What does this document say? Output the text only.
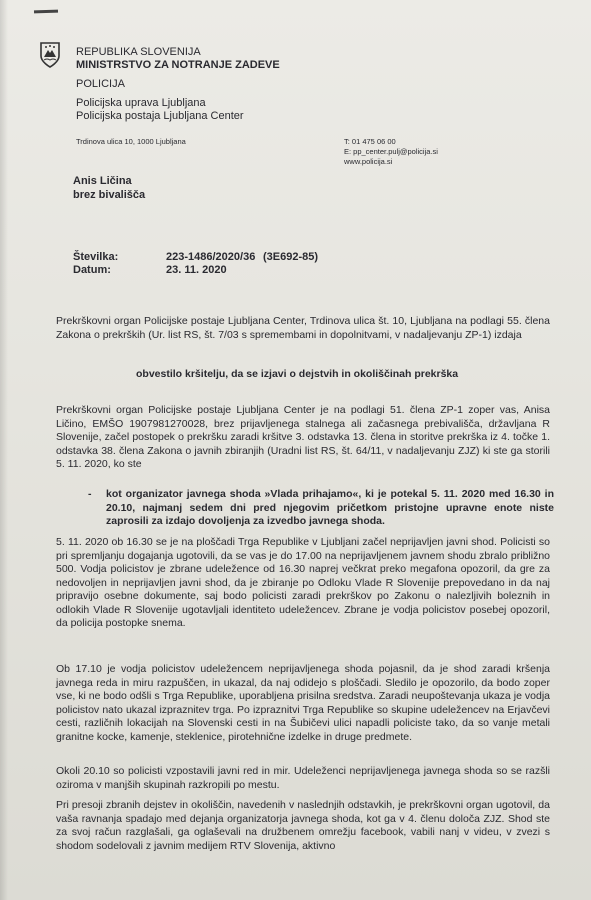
REPUBLIKA SLOVENIJA
MINISTRSTVO ZA NOTRANJE ZADEVE
POLICIJA
Policijska uprava Ljubljana
Policijska postaja Ljubljana Center
Trdinova ulica 10, 1000 Ljubljana	T: 01 475 06 00
E: pp_center.pulj@policija.si
www.policija.si
Anis Ličina
brez bivališča
Številka:	223-1486/2020/36 (3E692-85)
Datum:	23. 11. 2020
Prekrškovni organ Policijske postaje Ljubljana Center, Trdinova ulica št. 10, Ljubljana na podlagi 55. člena Zakona o prekrških (Ur. list RS, št. 7/03 s spremembami in dopolnitvami, v nadaljevanju ZP-1) izdaja
obvestilo kršitelju, da se izjavi o dejstvih in okoliščinah prekrška
Prekrškovni organ Policijske postaje Ljubljana Center je na podlagi 51. člena ZP-1 zoper vas, Anisa Ličino, EMŠO 1907981270028, brez prijavljenega stalnega ali začasnega prebivališča, državljana R Slovenije, začel postopek o prekršku zaradi kršitve 3. odstavka 13. člena in storitve prekrška iz 4. točke 1. odstavka 38. člena Zakona o javnih zbiranjih (Uradni list RS, št. 64/11, v nadaljevanju ZJZ) ki ste ga storili 5. 11. 2020, ko ste
- kot organizator javnega shoda »Vlada prihajamo«, ki je potekal 5. 11. 2020 med 16.30 in 20.10, najmanj sedem dni pred njegovim pričetkom pristojne upravne enote niste zaprosili za izdajo dovoljenja za izvedbo javnega shoda.
5. 11. 2020 ob 16.30 se je na ploščadi Trga Republike v Ljubljani začel neprijavljen javni shod. Policisti so pri spremljanju dogajanja ugotovili, da se vas je do 17.00 na neprijavljenem javnem shodu zbralo približno 500. Vodja policistov je zbrane udeležence od 16.30 naprej večkrat preko megafona opozoril, da gre za nedovoljen in neprijavljen javni shod, da je zbiranje po Odloku Vlade R Slovenije prepovedano in da naj pripravijo osebne dokumente, saj bodo policisti zaradi prekrškov po Zakonu o nalezljivih boleznih in odlokih Vlade R Slovenije ugotavljali identiteto udeležencev. Zbrane je vodja policistov posebej opozoril, da policija postopke snema.
Ob 17.10 je vodja policistov udeležencem neprijavljenega shoda pojasnil, da je shod zaradi kršenja javnega reda in miru razpuščen, in ukazal, da naj odidejo s ploščadi. Sledilo je opozorilo, da bodo zoper vse, ki ne bodo odšli s Trga Republike, uporabljena prisilna sredstva. Zaradi neupoštevanja ukaza je vodja policistov nato ukazal izpraznitev trga. Po izpraznitvi Trga Republike so skupine udeležencev na Erjavčevi cesti, različnih lokacijah na Slovenski cesti in na Šubičevi ulici napadli policiste tako, da so vanje metali granitne kocke, kamenje, steklenice, pirotehnične izdelke in druge predmete.
Okoli 20.10 so policisti vzpostavili javni red in mir. Udeleženci neprijavljenega javnega shoda so se razšli oziroma v manjših skupinah razkropili po mestu.
Pri presoji zbranih dejstev in okoliščin, navedenih v naslednjih odstavkih, je prekrškovni organ ugotovil, da vaša ravnanja spadajo med dejanja organizatorja javnega shoda, kot ga v 4. členu določa ZJZ. Shod ste za svoj račun razglašali, ga oglaševali na družbenem omrežju facebook, vabili nanj v videu, v zvezi s shodom sodelovali z javnim medijem RTV Slovenija, aktivno
